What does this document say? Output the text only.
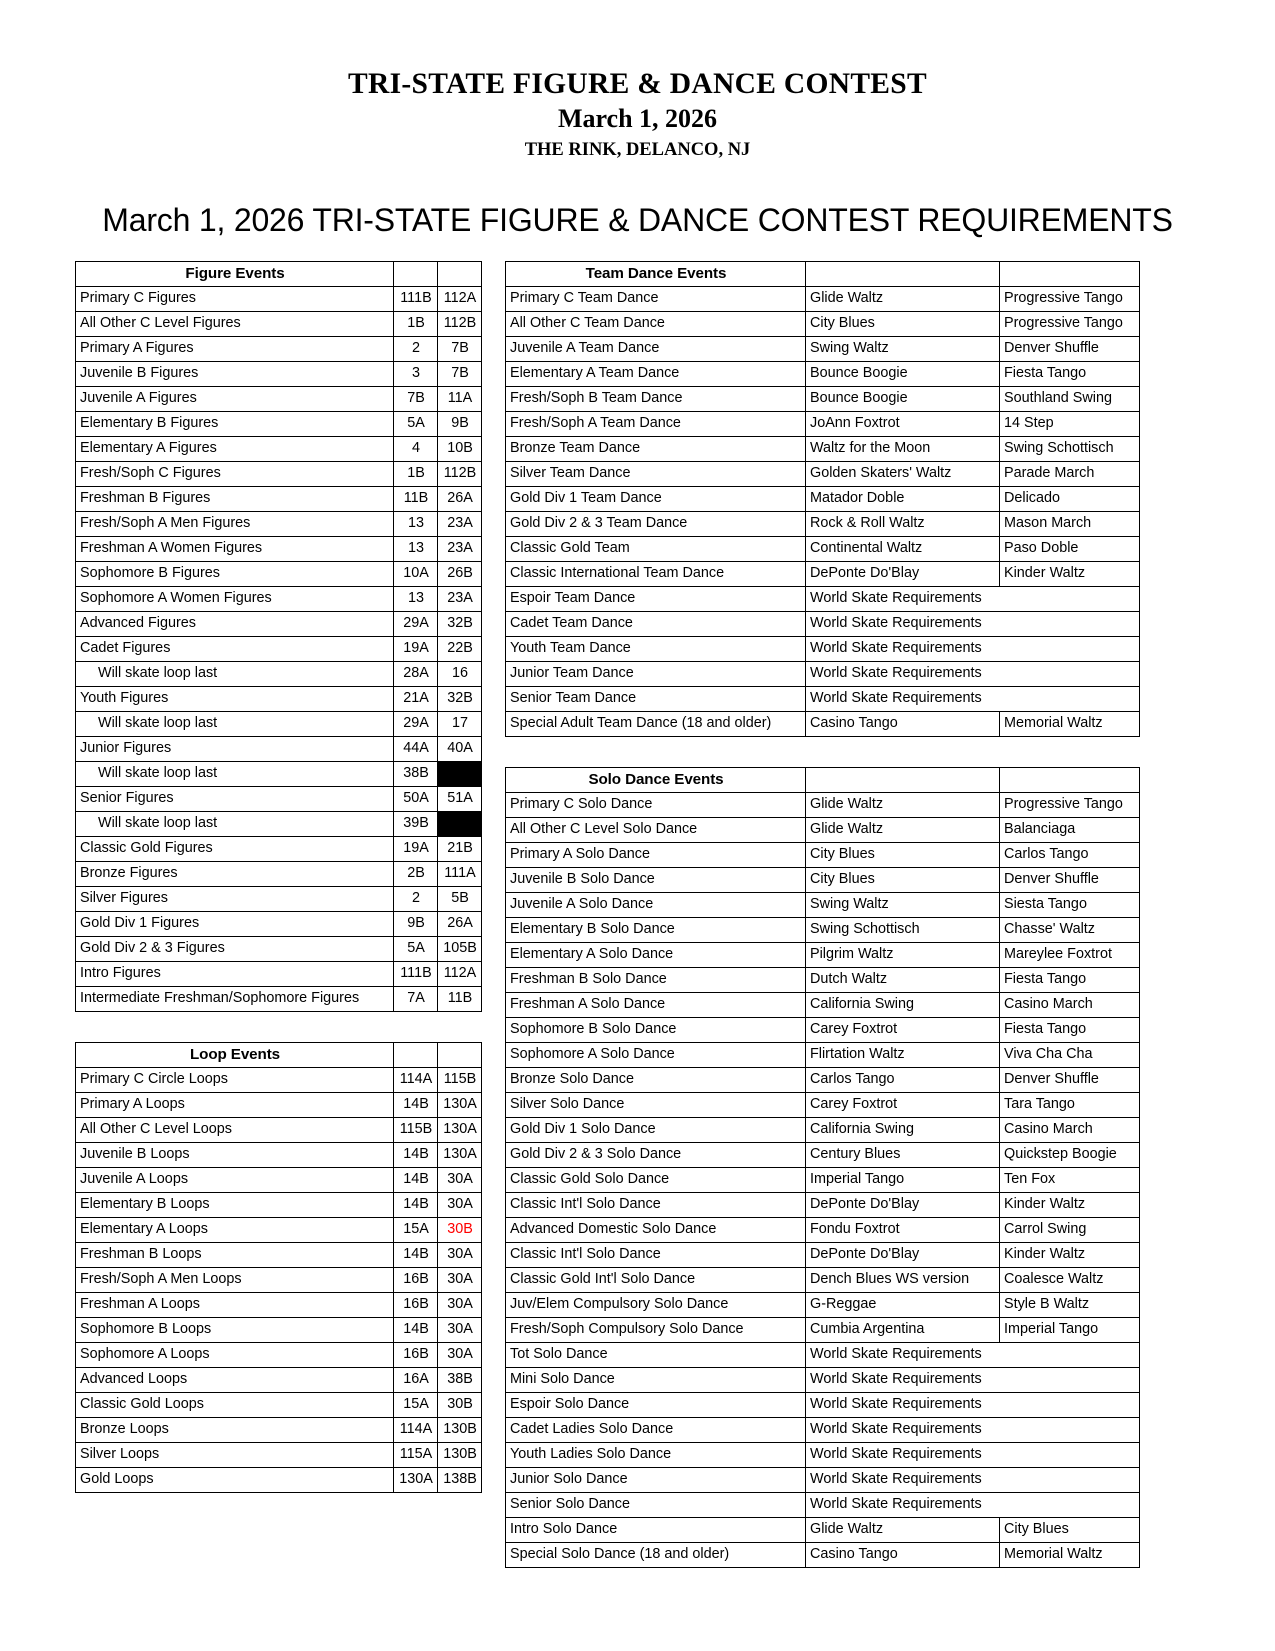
TRI-STATE FIGURE & DANCE CONTEST
March 1, 2026
THE RINK, DELANCO, NJ
March 1, 2026 TRI-STATE FIGURE & DANCE CONTEST REQUIREMENTS
Figure Events		
Primary C Figures	111B	112A
All Other C Level Figures	1B	112B
Primary A Figures	2	7B
Juvenile B Figures	3	7B
Juvenile A Figures	7B	11A
Elementary B Figures	5A	9B
Elementary A Figures	4	10B
Fresh/Soph C Figures	1B	112B
Freshman B Figures	11B	26A
Fresh/Soph A Men Figures	13	23A
Freshman A Women Figures	13	23A
Sophomore B Figures	10A	26B
Sophomore A Women Figures	13	23A
Advanced Figures	29A	32B
Cadet Figures	19A	22B
Will skate loop last	28A	16
Youth Figures	21A	32B
Will skate loop last	29A	17
Junior Figures	44A	40A
Will skate loop last	38B	
Senior Figures	50A	51A
Will skate loop last	39B	
Classic Gold Figures	19A	21B
Bronze Figures	2B	111A
Silver Figures	2	5B
Gold Div 1 Figures	9B	26A
Gold Div 2 & 3 Figures	5A	105B
Intro Figures	111B	112A
Intermediate Freshman/Sophomore Figures	7A	11B
Loop Events		
Primary C Circle Loops	114A	115B
Primary A Loops	14B	130A
All Other C Level Loops	115B	130A
Juvenile B Loops	14B	130A
Juvenile A Loops	14B	30A
Elementary B Loops	14B	30A
Elementary A Loops	15A	30B
Freshman B Loops	14B	30A
Fresh/Soph A Men Loops	16B	30A
Freshman A Loops	16B	30A
Sophomore B Loops	14B	30A
Sophomore A Loops	16B	30A
Advanced Loops	16A	38B
Classic Gold Loops	15A	30B
Bronze Loops	114A	130B
Silver Loops	115A	130B
Gold Loops	130A	138B
Team Dance Events		
Primary C Team Dance	Glide Waltz	Progressive Tango
All Other C Team Dance	City Blues	Progressive Tango
Juvenile A Team Dance	Swing Waltz	Denver Shuffle
Elementary A Team Dance	Bounce Boogie	Fiesta Tango
Fresh/Soph B Team Dance	Bounce Boogie	Southland Swing
Fresh/Soph A Team Dance	JoAnn Foxtrot	14 Step
Bronze Team Dance	Waltz for the Moon	Swing Schottisch
Silver Team Dance	Golden Skaters' Waltz	Parade March
Gold Div 1 Team Dance	Matador Doble	Delicado
Gold Div 2 & 3 Team Dance	Rock & Roll Waltz	Mason March
Classic Gold Team	Continental Waltz	Paso Doble
Classic International Team Dance	DePonte Do'Blay	Kinder Waltz
Espoir Team Dance	World Skate Requirements	
Cadet Team Dance	World Skate Requirements	
Youth Team Dance	World Skate Requirements	
Junior Team Dance	World Skate Requirements	
Senior Team Dance	World Skate Requirements	
Special Adult Team Dance (18 and older)	Casino Tango	Memorial Waltz
Solo Dance Events		
Primary C Solo Dance	Glide Waltz	Progressive Tango
All Other C Level Solo Dance	Glide Waltz	Balanciaga
Primary A Solo Dance	City Blues	Carlos Tango
Juvenile B Solo Dance	City Blues	Denver Shuffle
Juvenile A Solo Dance	Swing Waltz	Siesta Tango
Elementary B Solo Dance	Swing Schottisch	Chasse' Waltz
Elementary A Solo Dance	Pilgrim Waltz	Mareylee Foxtrot
Freshman B Solo Dance	Dutch Waltz	Fiesta Tango
Freshman A Solo Dance	California Swing	Casino March
Sophomore B Solo Dance	Carey Foxtrot	Fiesta Tango
Sophomore A Solo Dance	Flirtation Waltz	Viva Cha Cha
Bronze Solo Dance	Carlos Tango	Denver Shuffle
Silver Solo Dance	Carey Foxtrot	Tara Tango
Gold Div 1 Solo Dance	California Swing	Casino March
Gold Div 2 & 3 Solo Dance	Century Blues	Quickstep Boogie
Classic Gold Solo Dance	Imperial Tango	Ten Fox
Classic Int'l Solo Dance	DePonte Do'Blay	Kinder Waltz
Advanced Domestic Solo Dance	Fondu Foxtrot	Carrol Swing
Classic Int'l Solo Dance	DePonte Do'Blay	Kinder Waltz
Classic Gold Int'l Solo Dance	Dench Blues WS version	Coalesce Waltz
Juv/Elem Compulsory Solo Dance	G-Reggae	Style B Waltz
Fresh/Soph Compulsory Solo Dance	Cumbia Argentina	Imperial Tango
Tot Solo Dance	World Skate Requirements	
Mini Solo Dance	World Skate Requirements	
Espoir Solo Dance	World Skate Requirements	
Cadet Ladies Solo Dance	World Skate Requirements	
Youth Ladies Solo Dance	World Skate Requirements	
Junior Solo Dance	World Skate Requirements	
Senior Solo Dance	World Skate Requirements	
Intro Solo Dance	Glide Waltz	City Blues
Special Solo Dance (18 and older)	Casino Tango	Memorial Waltz
